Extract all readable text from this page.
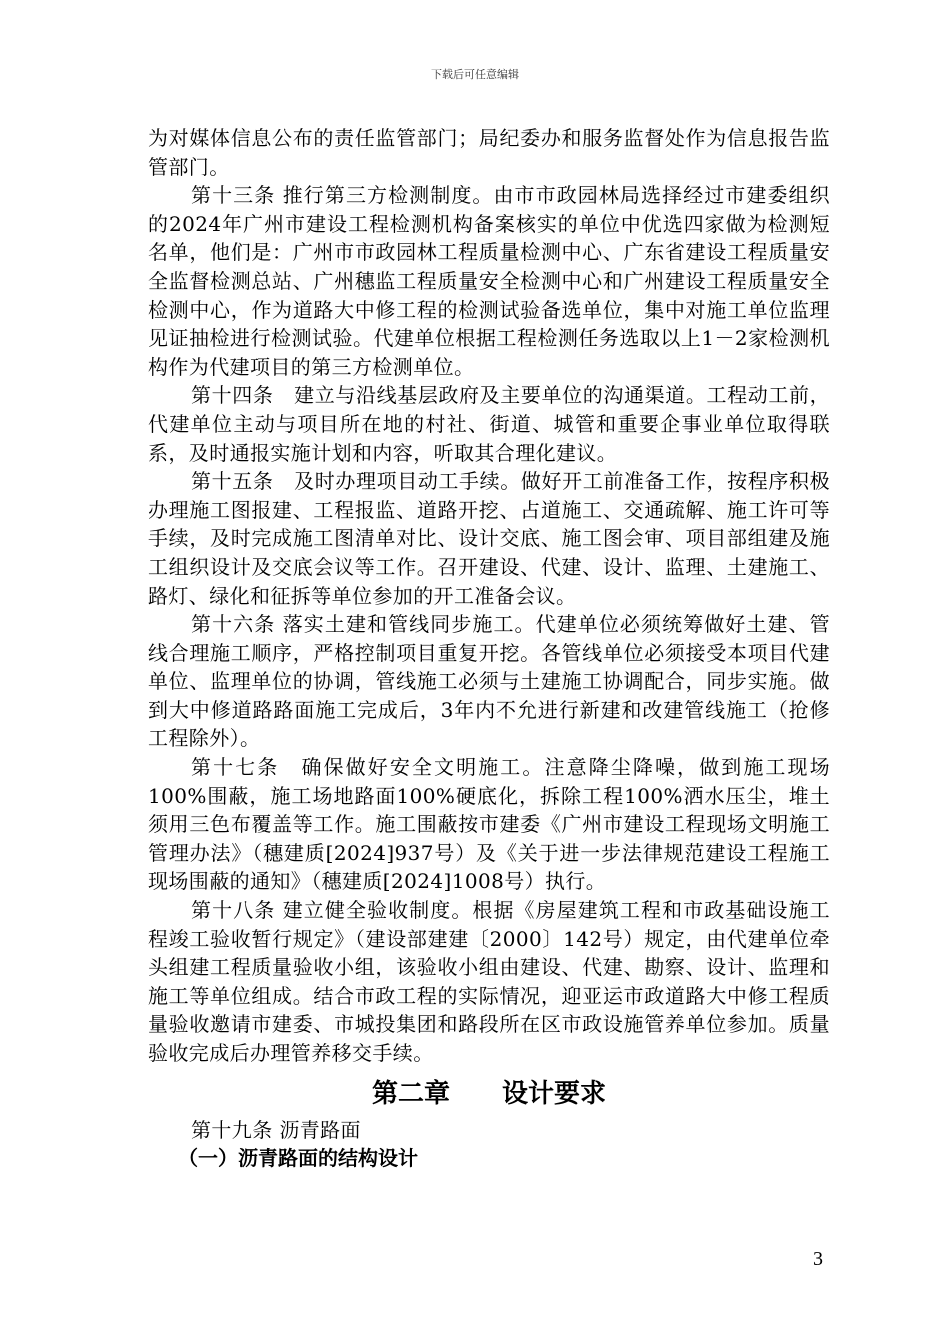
下载后可任意编辑

为对媒体信息公布的责任监管部门；局纪委办和服务监督处作为信息报告监管部门。

第十三条 推行第三方检测制度。由市市政园林局选择经过市建委组织的2024年广州市建设工程检测机构备案核实的单位中优选四家做为检测短名单，他们是：广州市市政园林工程质量检测中心、广东省建设工程质量安全监督检测总站、广州穗监工程质量安全检测中心和广州建设工程质量安全检测中心，作为道路大中修工程的检测试验备选单位，集中对施工单位监理见证抽检进行检测试验。代建单位根据工程检测任务选取以上1－2家检测机构作为代建项目的第三方检测单位。

第十四条　建立与沿线基层政府及主要单位的沟通渠道。工程动工前，代建单位主动与项目所在地的村社、街道、城管和重要企事业单位取得联系，及时通报实施计划和内容，听取其合理化建议。

第十五条　及时办理项目动工手续。做好开工前准备工作，按程序积极办理施工图报建、工程报监、道路开挖、占道施工、交通疏解、施工许可等手续，及时完成施工图清单对比、设计交底、施工图会审、项目部组建及施工组织设计及交底会议等工作。召开建设、代建、设计、监理、土建施工、路灯、绿化和征拆等单位参加的开工准备会议。

第十六条 落实土建和管线同步施工。代建单位必须统筹做好土建、管线合理施工顺序，严格控制项目重复开挖。各管线单位必须接受本项目代建单位、监理单位的协调，管线施工必须与土建施工协调配合，同步实施。做到大中修道路路面施工完成后，3年内不允进行新建和改建管线施工（抢修工程除外）。

第十七条　确保做好安全文明施工。注意降尘降噪，做到施工现场100%围蔽，施工场地路面100%硬底化，拆除工程100%洒水压尘，堆土须用三色布覆盖等工作。施工围蔽按市建委《广州市建设工程现场文明施工管理办法》（穗建质[2024]937号）及《关于进一步法律规范建设工程施工现场围蔽的通知》（穗建质[2024]1008号）执行。

第十八条 建立健全验收制度。根据《房屋建筑工程和市政基础设施工程竣工验收暂行规定》（建设部建建〔2000〕142号）规定，由代建单位牵头组建工程质量验收小组，该验收小组由建设、代建、勘察、设计、监理和施工等单位组成。结合市政工程的实际情况，迎亚运市政道路大中修工程质量验收邀请市建委、市城投集团和路段所在区市政设施管养单位参加。质量验收完成后办理管养移交手续。

第二章　　设计要求

第十九条 沥青路面

（一）沥青路面的结构设计

3
